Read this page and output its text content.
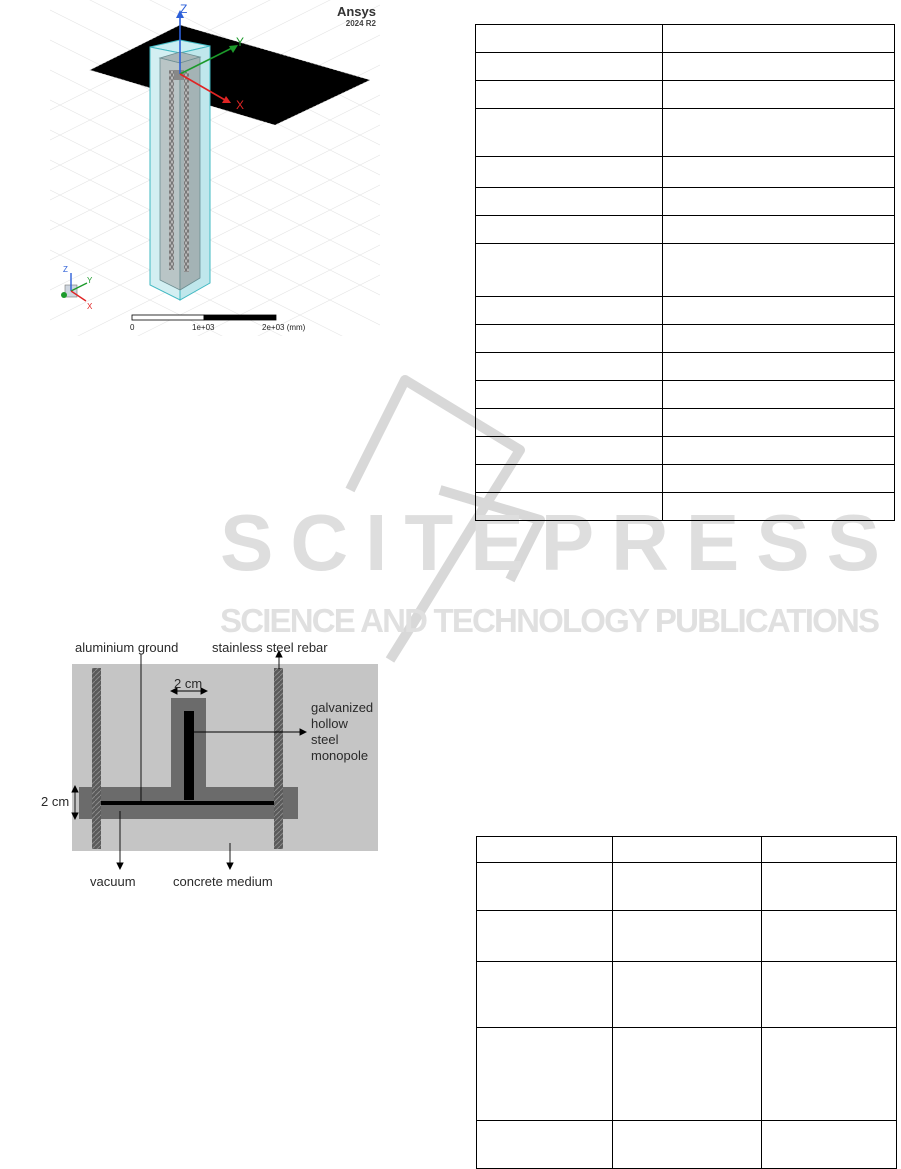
Z
Y
X
Z
Y
X
0	1e+03	2e+03 (mm)
Ansys
2024 R2
SCITEPRESS
SCIENCE AND TECHNOLOGY PUBLICATIONS
aluminium ground	stainless steel rebar
2 cm
galvanized
hollow
steel
monopole
2 cm
vacuum	concrete medium
